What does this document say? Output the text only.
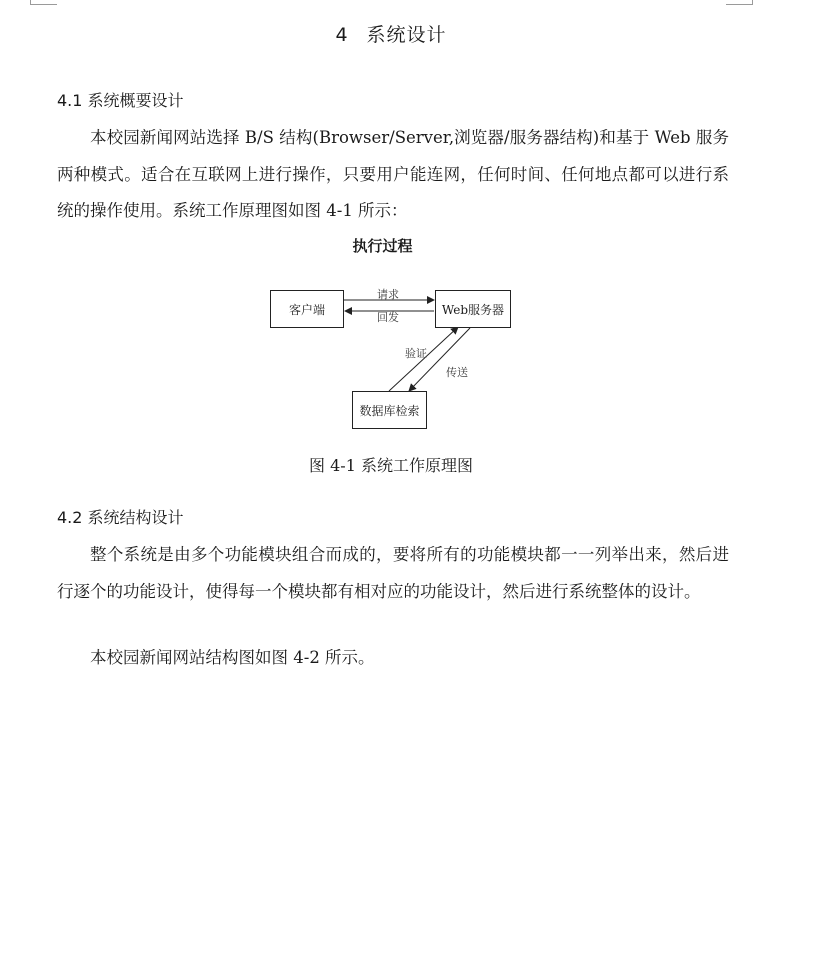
4 系统设计
4.1 系统概要设计

本校园新闻网站选择 B/S 结构(Browser/Server,浏览器/服务器结构)和基于 Web 服务两种模式。适合在互联网上进行操作，只要用户能连网，任何时间、任何地点都可以进行系统的操作使用。系统工作原理图如图 4-1 所示：

执行过程
客户端	Web服务器
数据库检索
请求
回发
验证
传送
图 4-1 系统工作原理图
4.2 系统结构设计

整个系统是由多个功能模块组合而成的，要将所有的功能模块都一一列举出来，然后进行逐个的功能设计，使得每一个模块都有相对应的功能设计，然后进行系统整体的设计。

本校园新闻网站结构图如图 4-2 所示。
